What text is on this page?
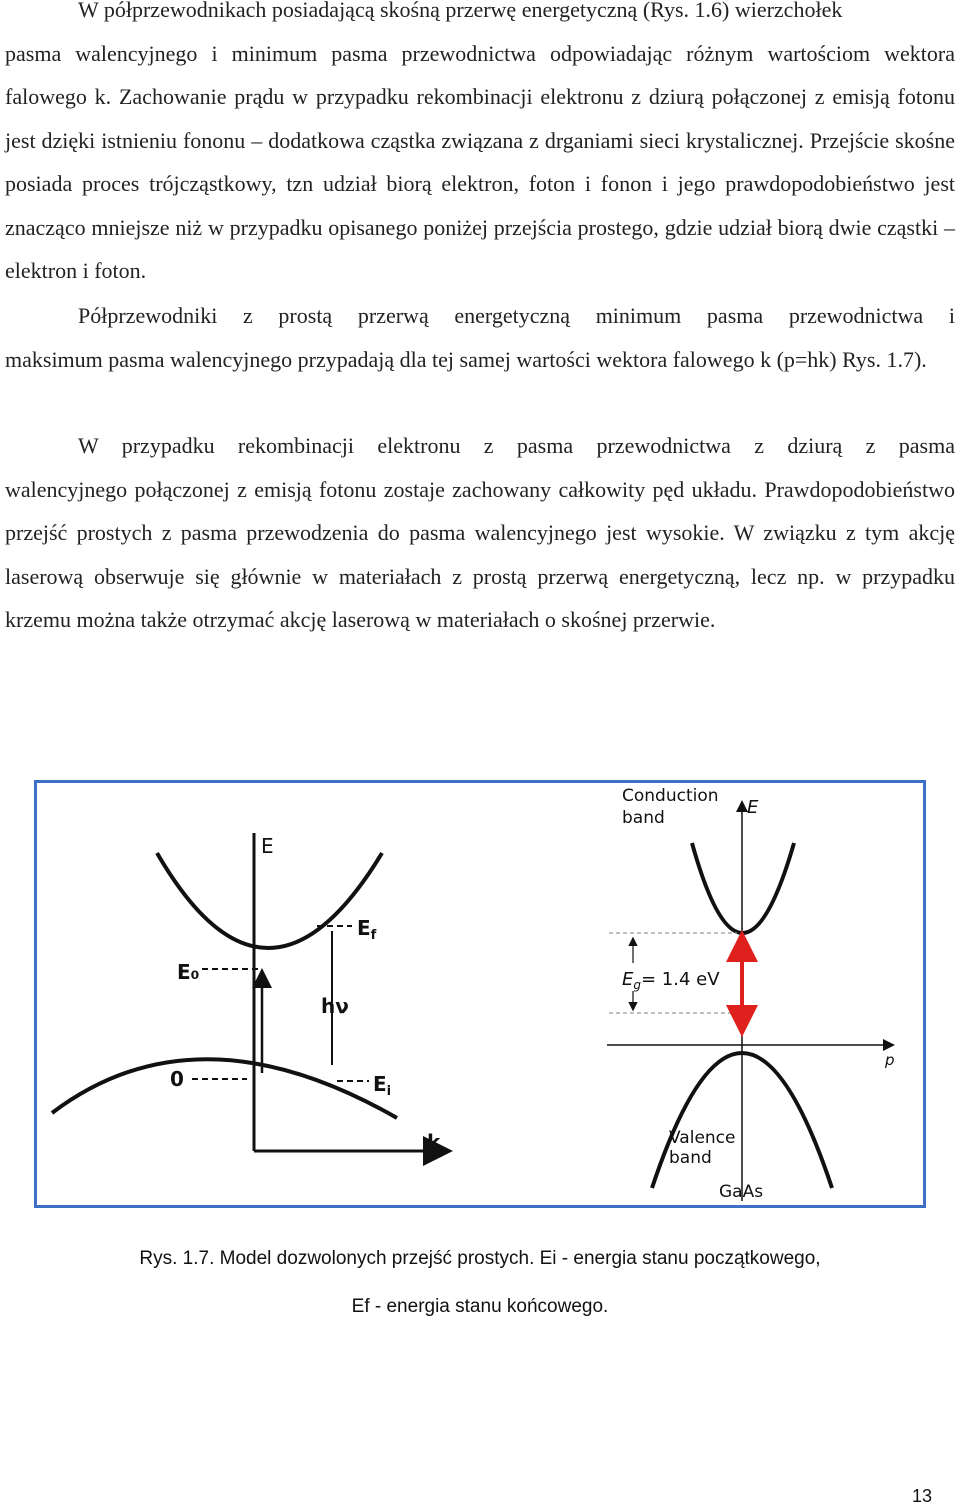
W półprzewodnikach posiadającą skośną przerwę energetyczną (Rys. 1.6) wierzchołek
pasma walencyjnego i minimum pasma przewodnictwa odpowiadając różnym wartościom wektora falowego k. Zachowanie prądu w przypadku rekombinacji elektronu z dziurą połączonej z emisją fotonu jest dzięki istnieniu fononu – dodatkowa cząstka związana z drganiami sieci krystalicznej. Przejście skośne posiada proces trójcząstkowy, tzn udział biorą elektron, foton i fonon i jego prawdopodobieństwo jest znacząco mniejsze niż w przypadku opisanego poniżej przejścia prostego, gdzie udział biorą dwie cząstki – elektron i foton.

Półprzewodniki z prostą przerwą energetyczną minimum pasma przewodnictwa i
maksimum pasma walencyjnego przypadają dla tej samej wartości wektora falowego k (p=hk) Rys. 1.7).

W przypadku rekombinacji elektronu z pasma przewodnictwa z dziurą z pasma
walencyjnego połączonej z emisją fotonu zostaje zachowany całkowity pęd układu. Prawdopodobieństwo przejść prostych z pasma przewodzenia do pasma walencyjnego jest wysokie. W związku z tym akcję laserową obserwuje się głównie w materiałach z prostą przerwą energetyczną, lecz np. w przypadku krzemu można także otrzymać akcję laserową w materiałach o skośnej przerwie.

E
k
E₀
$E_f$
hν
0	$E_i$
Conduction
band	E
p
$E_g= 1.4$ eV
Valence
band
GaAs
Rys. 1.7. Model dozwolonych przejść prostych. Ei - energia stanu początkowego,
Ef - energia stanu końcowego.
13
